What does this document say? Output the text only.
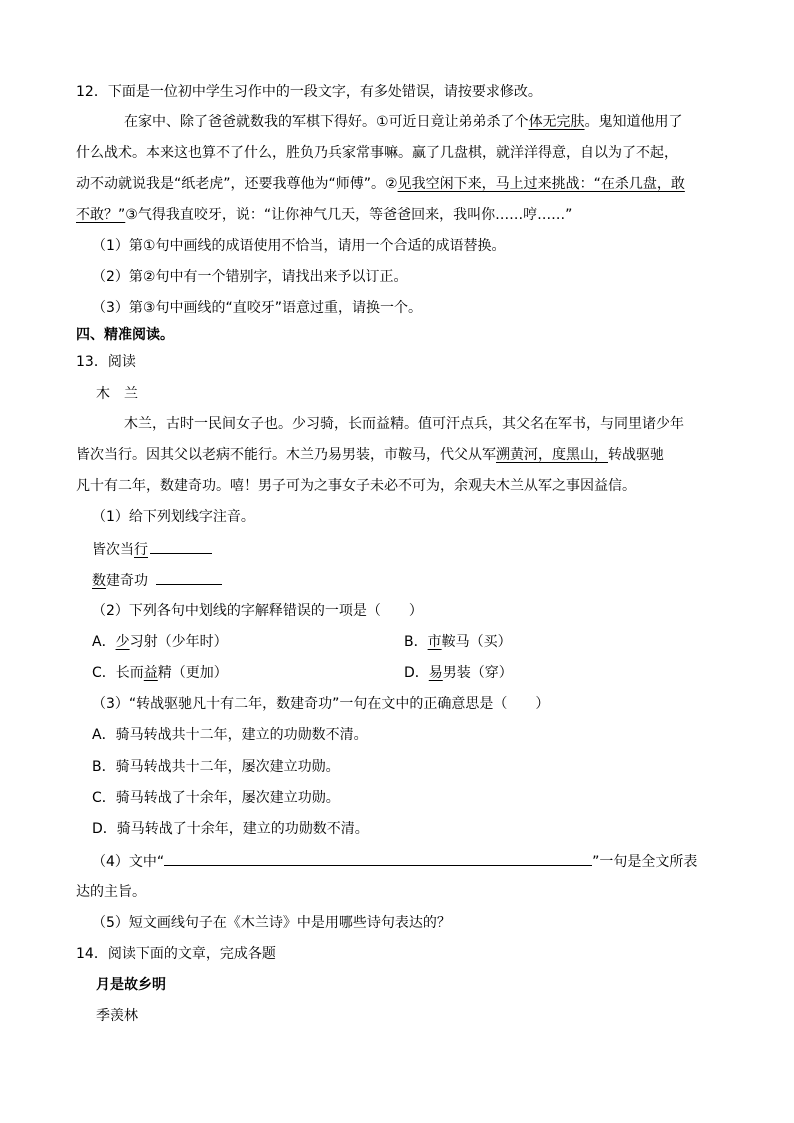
12．下面是一位初中学生习作中的一段文字，有多处错误，请按要求修改。
在家中、除了爸爸就数我的军棋下得好。①可近日竟让弟弟杀了个体无完肤。鬼知道他用了
什么战术。本来这也算不了什么，胜负乃兵家常事嘛。赢了几盘棋，就洋洋得意，自以为了不起，
动不动就说我是“纸老虎”，还要我尊他为“师傅”。②见我空闲下来，马上过来挑战：“在杀几盘，敢
不敢？”③气得我直咬牙，说：“让你神气几天，等爸爸回来，我叫你……哼……”
（1）第①句中画线的成语使用不恰当，请用一个合适的成语替换。
（2）第②句中有一个错别字，请找出来予以订正。
（3）第③句中画线的“直咬牙”语意过重，请换一个。
四、精准阅读。
13．阅读
木　兰
木兰，古时一民间女子也。少习骑，长而益精。值可汗点兵，其父名在军书，与同里诸少年
皆次当行。因其父以老病不能行。木兰乃易男装，市鞍马，代父从军溯黄河，度黑山，转战驱驰
凡十有二年，数建奇功。嘻！男子可为之事女子未必不可为，余观夫木兰从军之事因益信。
（1）给下列划线字注音。
皆次当行
数建奇功
（2）下列各句中划线的字解释错误的一项是（　　）
A．少习射（少年时）	B．市鞍马（买）
C．长而益精（更加）	D．易男装（穿）
（3）“转战驱驰凡十有二年，数建奇功”一句在文中的正确意思是（　　）
A．骑马转战共十二年，建立的功勋数不清。
B．骑马转战共十二年，屡次建立功勋。
C．骑马转战了十余年，屡次建立功勋。
D．骑马转战了十余年，建立的功勋数不清。
（4）文中“	”一句是全文所表
达的主旨。
（5）短文画线句子在《木兰诗》中是用哪些诗句表达的？
14．阅读下面的文章，完成各题
月是故乡明
季羡林
